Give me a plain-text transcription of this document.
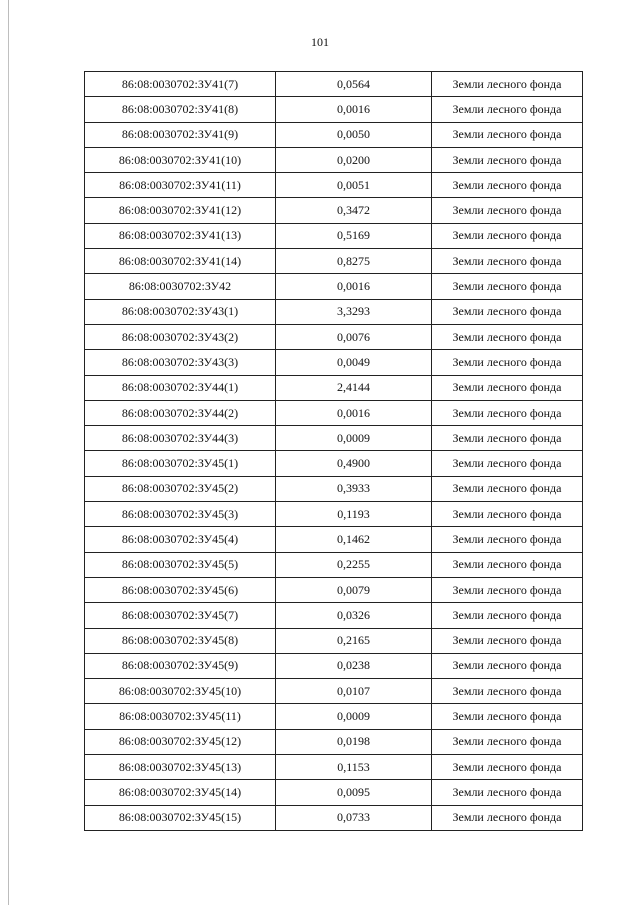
101
86:08:0030702:ЗУ41(7)	0,0564	Земли лесного фонда
86:08:0030702:ЗУ41(8)	0,0016	Земли лесного фонда
86:08:0030702:ЗУ41(9)	0,0050	Земли лесного фонда
86:08:0030702:ЗУ41(10)	0,0200	Земли лесного фонда
86:08:0030702:ЗУ41(11)	0,0051	Земли лесного фонда
86:08:0030702:ЗУ41(12)	0,3472	Земли лесного фонда
86:08:0030702:ЗУ41(13)	0,5169	Земли лесного фонда
86:08:0030702:ЗУ41(14)	0,8275	Земли лесного фонда
86:08:0030702:ЗУ42	0,0016	Земли лесного фонда
86:08:0030702:ЗУ43(1)	3,3293	Земли лесного фонда
86:08:0030702:ЗУ43(2)	0,0076	Земли лесного фонда
86:08:0030702:ЗУ43(3)	0,0049	Земли лесного фонда
86:08:0030702:ЗУ44(1)	2,4144	Земли лесного фонда
86:08:0030702:ЗУ44(2)	0,0016	Земли лесного фонда
86:08:0030702:ЗУ44(3)	0,0009	Земли лесного фонда
86:08:0030702:ЗУ45(1)	0,4900	Земли лесного фонда
86:08:0030702:ЗУ45(2)	0,3933	Земли лесного фонда
86:08:0030702:ЗУ45(3)	0,1193	Земли лесного фонда
86:08:0030702:ЗУ45(4)	0,1462	Земли лесного фонда
86:08:0030702:ЗУ45(5)	0,2255	Земли лесного фонда
86:08:0030702:ЗУ45(6)	0,0079	Земли лесного фонда
86:08:0030702:ЗУ45(7)	0,0326	Земли лесного фонда
86:08:0030702:ЗУ45(8)	0,2165	Земли лесного фонда
86:08:0030702:ЗУ45(9)	0,0238	Земли лесного фонда
86:08:0030702:ЗУ45(10)	0,0107	Земли лесного фонда
86:08:0030702:ЗУ45(11)	0,0009	Земли лесного фонда
86:08:0030702:ЗУ45(12)	0,0198	Земли лесного фонда
86:08:0030702:ЗУ45(13)	0,1153	Земли лесного фонда
86:08:0030702:ЗУ45(14)	0,0095	Земли лесного фонда
86:08:0030702:ЗУ45(15)	0,0733	Земли лесного фонда
